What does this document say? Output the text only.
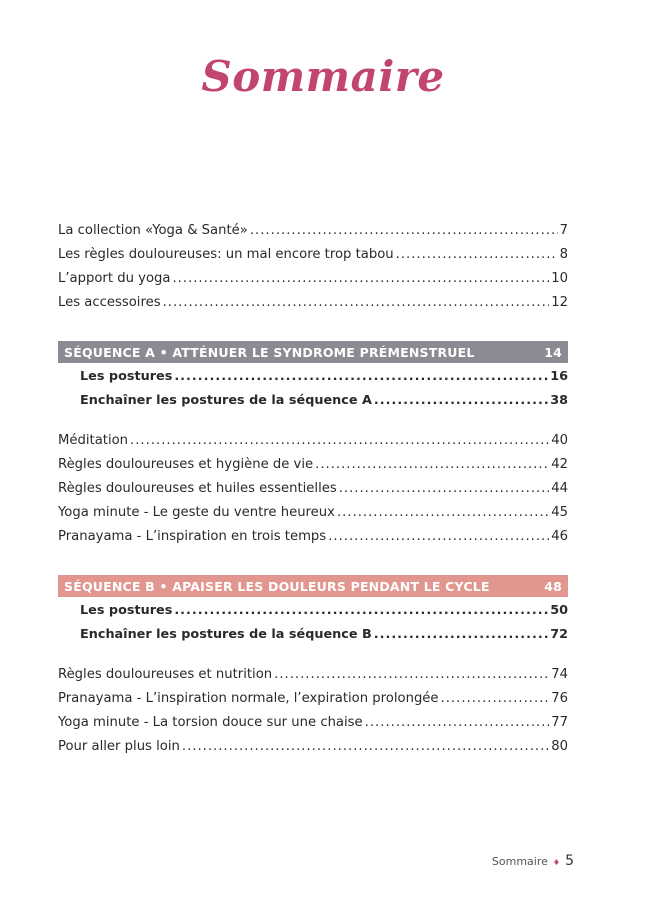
Sommaire
La collection «Yoga & Santé» .....	7
Les règles douloureuses: un mal encore trop tabou .....	8
L’apport du yoga .....	10
Les accessoires .....	12
SÉQUENCE A • ATTÉNUER LE SYNDROME PRÉMENSTRUEL	14
Les postures .....	16
Enchaîner les postures de la séquence A .....	38
Méditation .....	40
Règles douloureuses et hygiène de vie .....	42
Règles douloureuses et huiles essentielles .....	44
Yoga minute - Le geste du ventre heureux .....	45
Pranayama - L’inspiration en trois temps .....	46
SÉQUENCE B • APAISER LES DOULEURS PENDANT LE CYCLE	48
Les postures .....	50
Enchaîner les postures de la séquence B .....	72
Règles douloureuses et nutrition .....	74
Pranayama - L’inspiration normale, l’expiration prolongée .....	76
Yoga minute - La torsion douce sur une chaise .....	77
Pour aller plus loin .....	80
Sommaire ♦ 5
